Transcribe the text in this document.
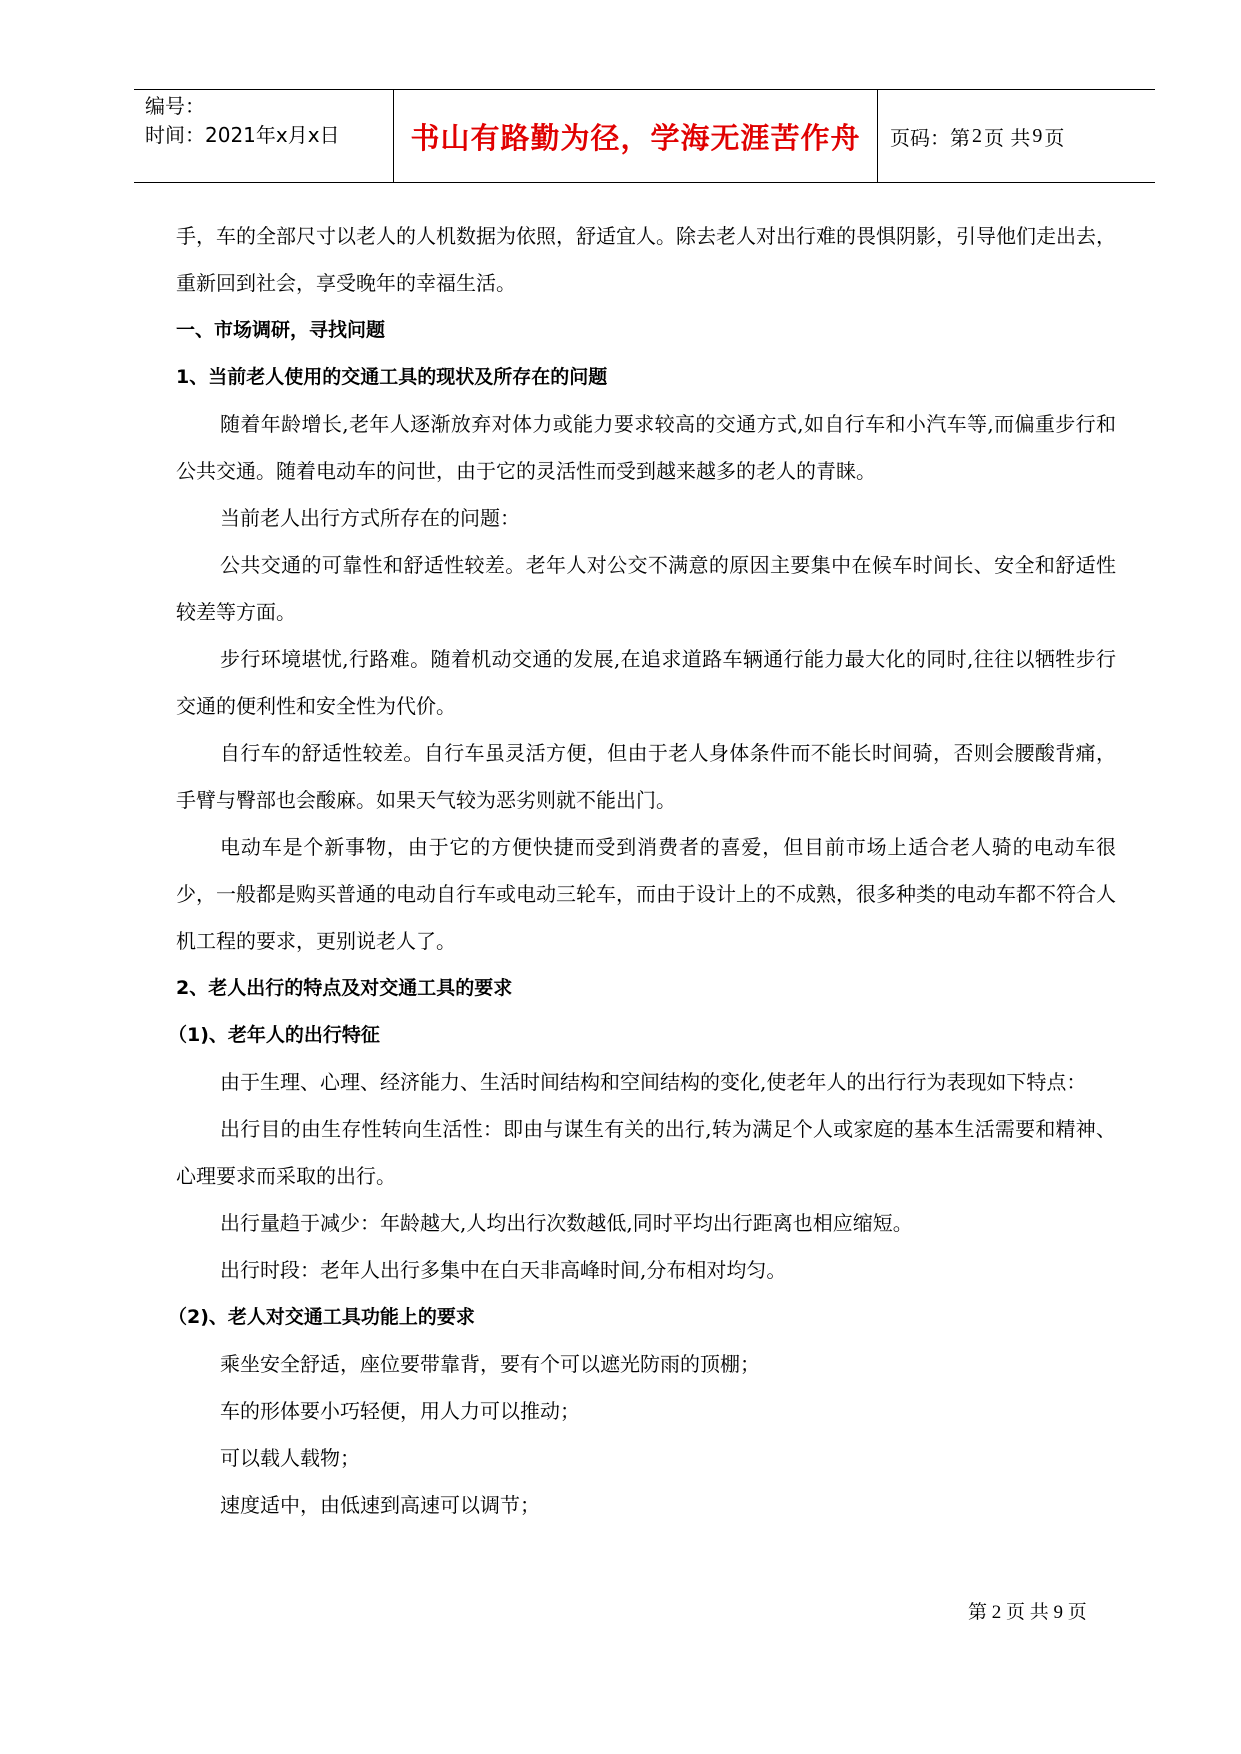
编号：
时间：2021年x月x日	书山有路勤为径，学海无涯苦作舟	页码：第 2 页 共 9 页

手，车的全部尺寸以老人的人机数据为依照，舒适宜人。除去老人对出行难的畏惧阴影，引导他们走出去，重新回到社会，享受晚年的幸福生活。

一、市场调研，寻找问题

1、当前老人使用的交通工具的现状及所存在的问题

随着年龄增长,老年人逐渐放弃对体力或能力要求较高的交通方式,如自行车和小汽车等,而偏重步行和公共交通。随着电动车的问世，由于它的灵活性而受到越来越多的老人的青睐。

当前老人出行方式所存在的问题：

公共交通的可靠性和舒适性较差。老年人对公交不满意的原因主要集中在候车时间长、安全和舒适性较差等方面。

步行环境堪忧,行路难。随着机动交通的发展,在追求道路车辆通行能力最大化的同时,往往以牺牲步行交通的便利性和安全性为代价。

自行车的舒适性较差。自行车虽灵活方便，但由于老人身体条件而不能长时间骑，否则会腰酸背痛，手臂与臀部也会酸麻。如果天气较为恶劣则就不能出门。

电动车是个新事物，由于它的方便快捷而受到消费者的喜爱，但目前市场上适合老人骑的电动车很少，一般都是购买普通的电动自行车或电动三轮车，而由于设计上的不成熟，很多种类的电动车都不符合人机工程的要求，更别说老人了。

2、老人出行的特点及对交通工具的要求

（1)、老年人的出行特征

由于生理、心理、经济能力、生活时间结构和空间结构的变化,使老年人的出行行为表现如下特点：

出行目的由生存性转向生活性：即由与谋生有关的出行,转为满足个人或家庭的基本生活需要和精神、心理要求而采取的出行。

出行量趋于减少：年龄越大,人均出行次数越低,同时平均出行距离也相应缩短。

出行时段：老年人出行多集中在白天非高峰时间,分布相对均匀。

（2)、老人对交通工具功能上的要求

乘坐安全舒适，座位要带靠背，要有个可以遮光防雨的顶棚；

车的形体要小巧轻便，用人力可以推动；

可以载人载物；

速度适中，由低速到高速可以调节；

第 2 页 共 9 页
